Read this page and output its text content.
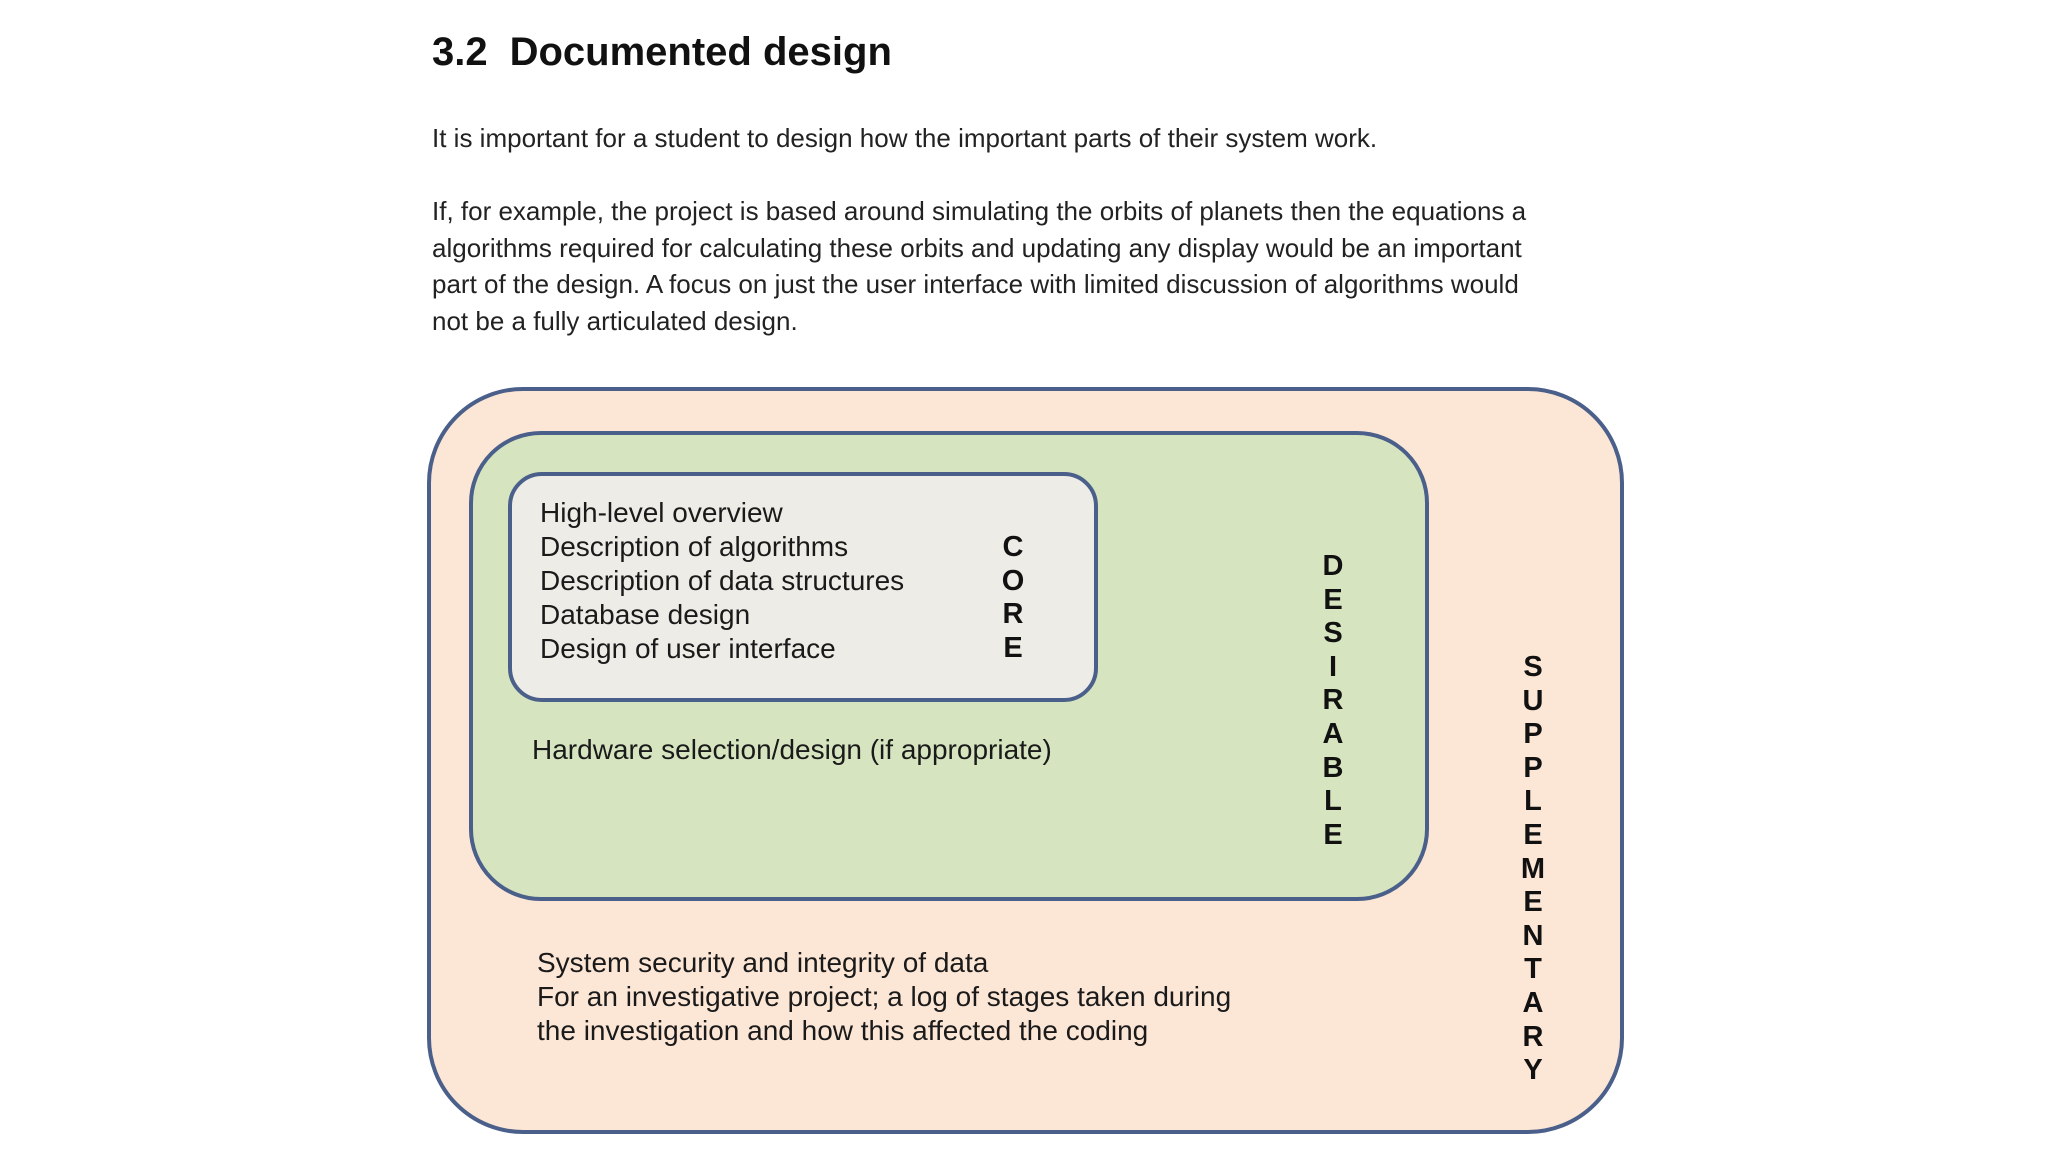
3.2 Documented design
It is important for a student to design how the important parts of their system work.
If, for example, the project is based around simulating the orbits of planets then the equations a
algorithms required for calculating these orbits and updating any display would be an important
part of the design. A focus on just the user interface with limited discussion of algorithms would
not be a fully articulated design.
High-level overview
Description of algorithms
Description of data structures
Database design
Design of user interface
C
O
R
E
Hardware selection/design (if appropriate)
D
E
S
I
R
A
B
L
E
System security and integrity of data
For an investigative project; a log of stages taken during
the investigation and how this affected the coding
S
U
P
P
L
E
M
E
N
T
A
R
Y
